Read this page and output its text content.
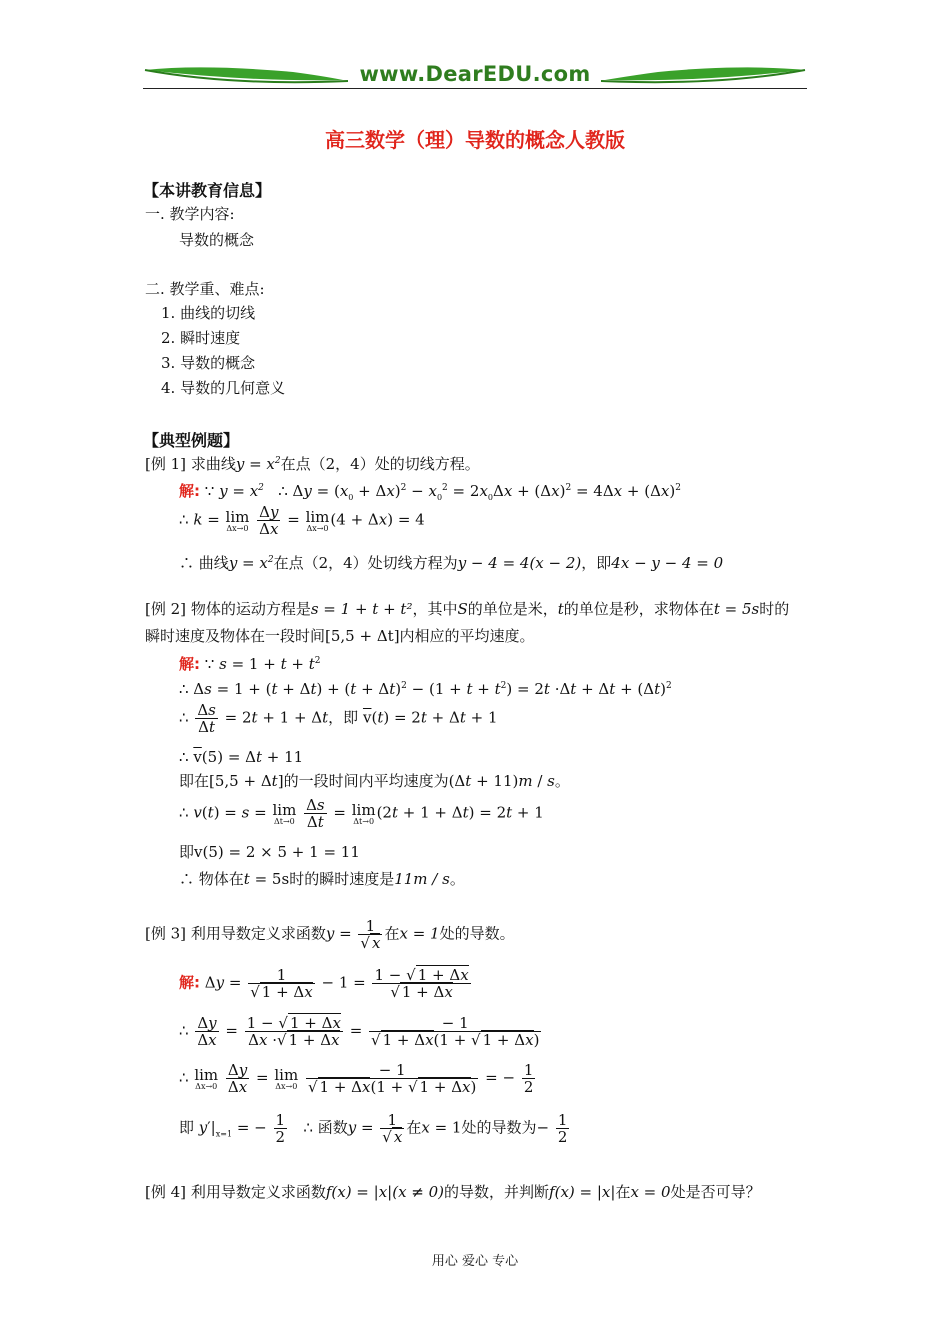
www.DearEDU.com
高三数学（理）导数的概念人教版
【本讲教育信息】
一. 教学内容:
导数的概念
二. 教学重、难点:
1. 曲线的切线
2. 瞬时速度
3. 导数的概念
4. 导数的几何意义
【典型例题】
[例 1] 求曲线$y = x^2$在点（2，4）处的切线方程。
解: ∵ $y = x^2$ ∴ $\Delta y = (x_0 + \Delta x)^2 - x_0^2 = 2x_0\Delta x + (\Delta x)^2 = 4\Delta x + (\Delta x)^2$
∴ k = lim
Δx→0
$\frac{\Delta y}{\Delta x} = \lim$
Δx→0 (4 + Δx) = 4
∴ 曲线$y = x^2$在点（2，4）处切线方程为y − 4 = 4(x − 2)，即4x − y − 4 = 0
[例 2] 物体的运动方程是s = 1 + t + t²，其中S的单位是米，t的单位是秒，求物体在t = 5s时的
瞬时速度及物体在一段时间[5,5 + Δt]内相应的平均速度。
解: ∵ $s = 1 + t + t^2$
∴ $\Delta s = 1 + (t + \Delta t) + (t + \Delta t)^2 - (1 + t + t^2) = 2t \cdot\Delta t + \Delta t + (\Delta t)^2$
∴ $\frac{\Delta s}{\Delta t} = 2t + 1 + \Delta t$，即 $\overline{v}(t) = 2t + \Delta t + 1$
∴ $\overline{v}(5) = \Delta t + 11$
即在[5,5 + Δt]的一段时间内平均速度为(Δt + 11)m / s。
∴ v(t) = s = lim
Δt→0
$\frac{\Delta s}{\Delta t} = \lim$
Δt→0 (2t + 1 + Δt) = 2t + 1
即v(5) = 2 × 5 + 1 = 11
∴ 物体在t = 5s时的瞬时速度是11m / s。
[例 3] 利用导数定义求函数$y = \frac{1}{√ x}$ 在x = 1处的导数。
解: $\Delta y = \frac{1}{√ 1 + \Delta x} - 1 = \frac{1 - √ 1 + \Delta x}{√ 1 + \Delta x}$
∴ $\frac{\Delta y}{\Delta x} = \frac{1 - √ 1 + \Delta x}{\Delta x \cdot√ 1 + \Delta x} = \frac{- 1}{√ 1 + \Delta x(1 + √ 1 + \Delta x)}$
∴ lim
Δx→0
$\frac{\Delta y}{\Delta x} = \lim$
Δx→0
$\frac{- 1}{√ 1 + \Delta x(1 + √ 1 + \Delta x)}$ = − $\frac{1}{2}$
即 $y'|_{x=1}$ = − $\frac{1}{2}$ ∴ 函数$y = \frac{1}{√ x}$ 在x = 1处的导数为− $\frac{1}{2}$
[例 4] 利用导数定义求函数f(x) = |x|(x ≠ 0)的导数，并判断f(x) = |x|在x = 0处是否可导？
用心 爱心 专心
